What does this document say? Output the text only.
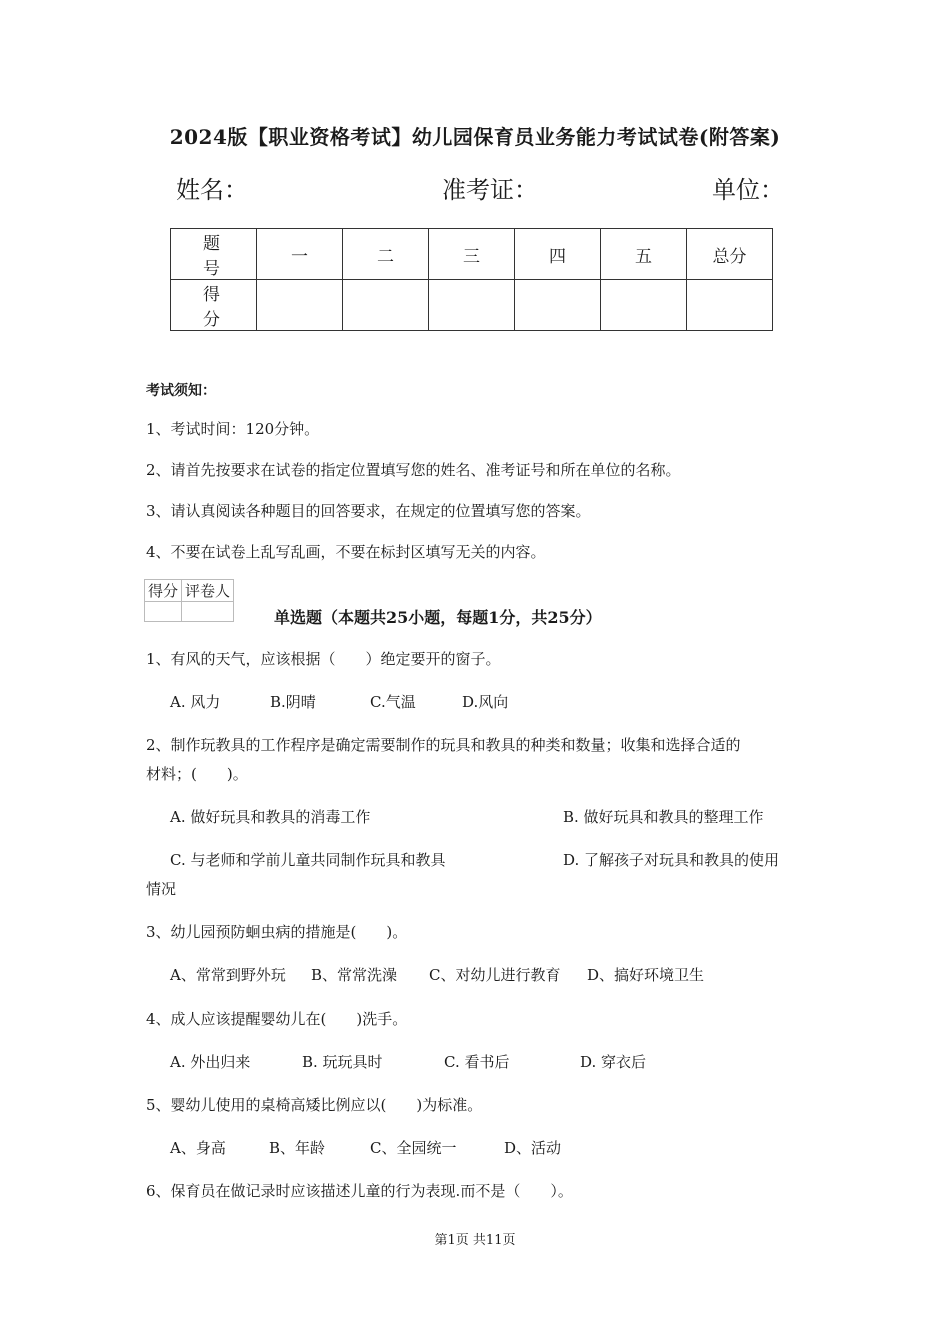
2024版【职业资格考试】幼儿园保育员业务能力考试试卷(附答案)
姓名：	准考证：	单位：
题 号	一	二	三	四	五	总分
得 分						
考试须知：
1、考试时间：120分钟。
2、请首先按要求在试卷的指定位置填写您的姓名、准考证号和所在单位的名称。
3、请认真阅读各种题目的回答要求，在规定的位置填写您的答案。
4、不要在试卷上乱写乱画，不要在标封区填写无关的内容。
得分	评卷人

单选题（本题共25小题，每题1分，共25分）
1、有风的天气，应该根据（　　）绝定要开的窗子。
A. 风力	B.阴晴	C.气温	D.风向
2、制作玩教具的工作程序是确定需要制作的玩具和教具的种类和数量；收集和选择合适的
材料；(　　)。
A. 做好玩具和教具的消毒工作	B. 做好玩具和教具的整理工作
C. 与老师和学前儿童共同制作玩具和教具	D. 了解孩子对玩具和教具的使用
情况
3、幼儿园预防蛔虫病的措施是(　　)。
A、常常到野外玩 B、常常洗澡 C、对幼儿进行教育 D、搞好环境卫生
4、成人应该提醒婴幼儿在(　　)洗手。
A. 外出归来	B. 玩玩具时	C. 看书后	D. 穿衣后
5、婴幼儿使用的桌椅高矮比例应以(　　)为标准。
A、身高	B、年龄	C、全园统一	D、活动
6、保育员在做记录时应该描述儿童的行为表现.而不是（　　）。
第1页 共11页
